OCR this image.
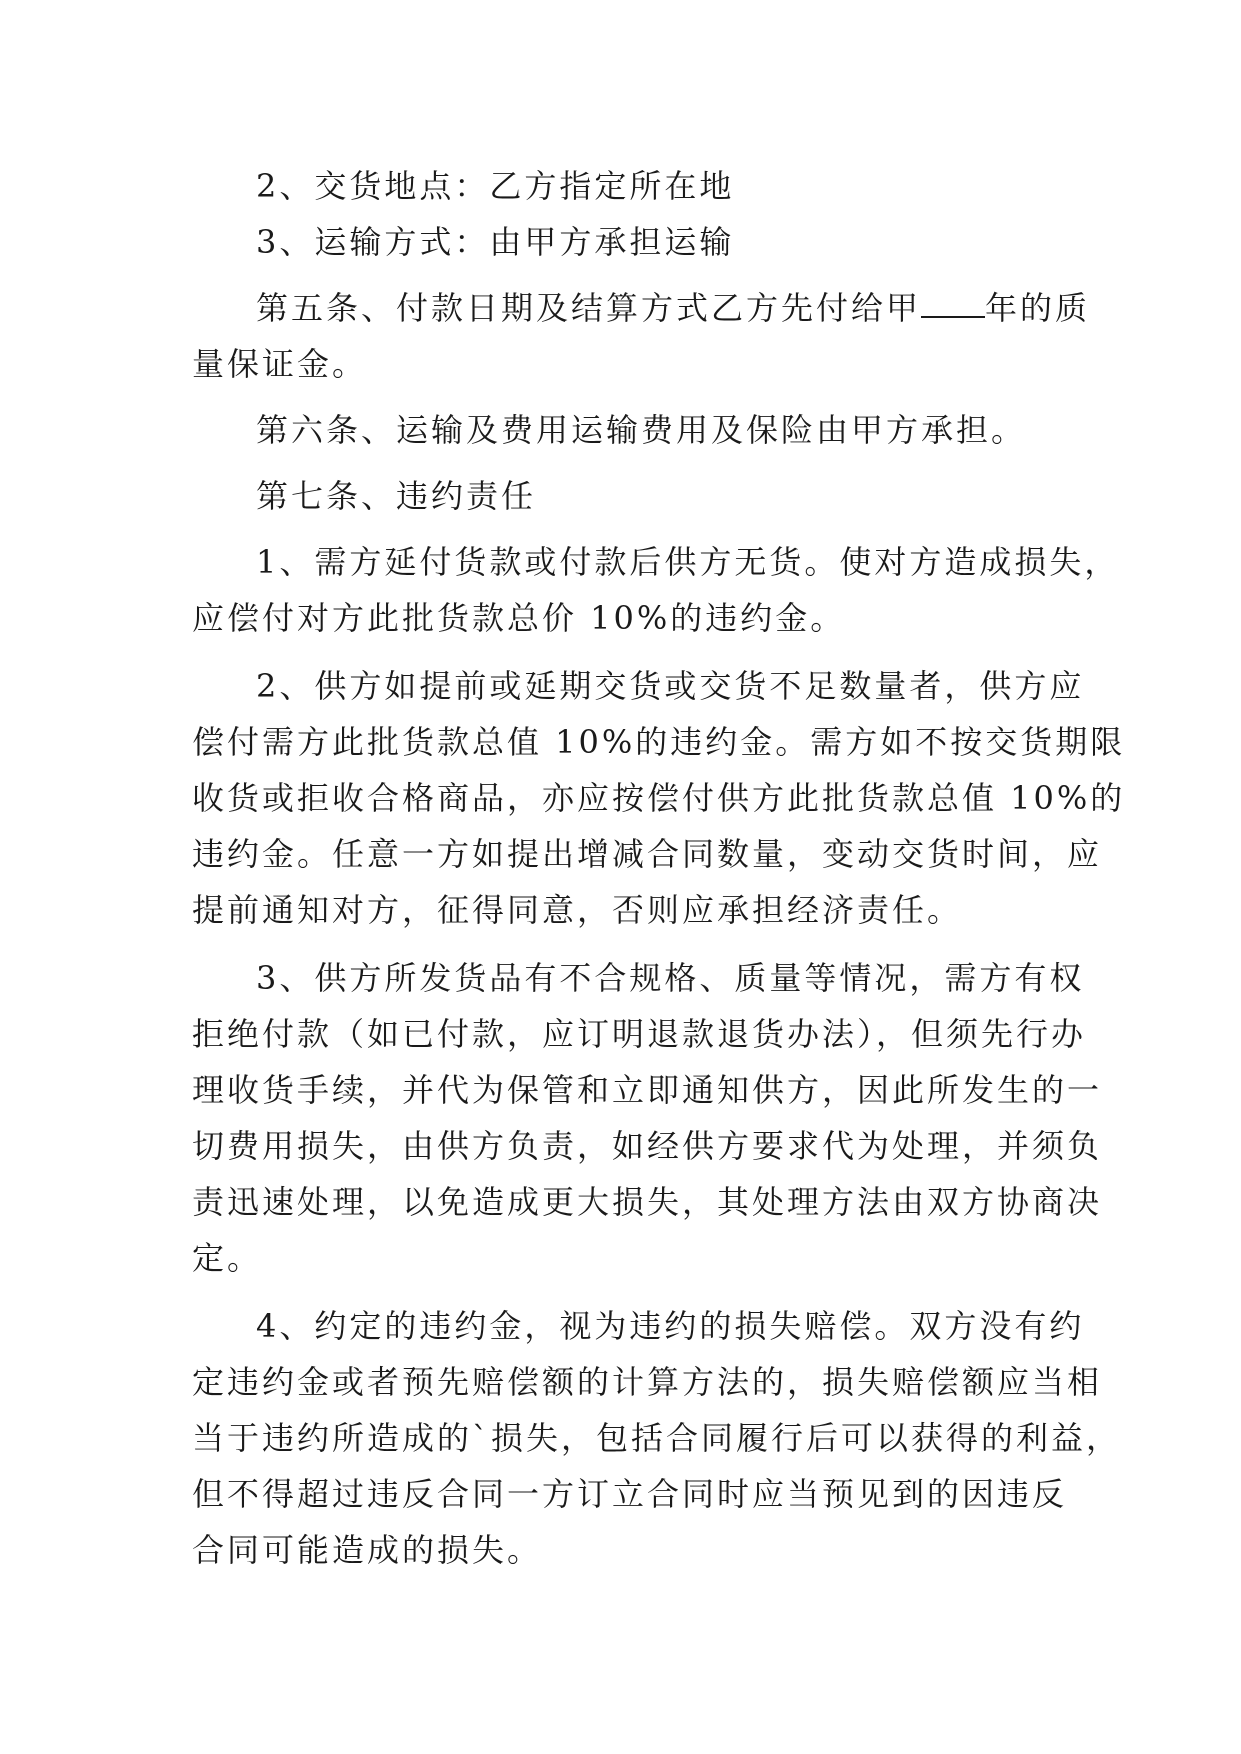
2、交货地点：乙方指定所在地
3、运输方式：由甲方承担运输
第五条、付款日期及结算方式乙方先付给甲 年的质
量保证金。
第六条、运输及费用运输费用及保险由甲方承担。
第七条、违约责任
1、需方延付货款或付款后供方无货。使对方造成损失，
应偿付对方此批货款总价 10%的违约金。
2、供方如提前或延期交货或交货不足数量者，供方应
偿付需方此批货款总值 10%的违约金。需方如不按交货期限
收货或拒收合格商品，亦应按偿付供方此批货款总值 10%的
违约金。任意一方如提出增减合同数量，变动交货时间，应
提前通知对方，征得同意，否则应承担经济责任。
3、供方所发货品有不合规格、质量等情况，需方有权
拒绝付款（如已付款，应订明退款退货办法），但须先行办
理收货手续，并代为保管和立即通知供方，因此所发生的一
切费用损失，由供方负责，如经供方要求代为处理，并须负
责迅速处理，以免造成更大损失，其处理方法由双方协商决
定。
4、约定的违约金，视为违约的损失赔偿。双方没有约
定违约金或者预先赔偿额的计算方法的，损失赔偿额应当相
当于违约所造成的`损失，包括合同履行后可以获得的利益，
但不得超过违反合同一方订立合同时应当预见到的因违反
合同可能造成的损失。
